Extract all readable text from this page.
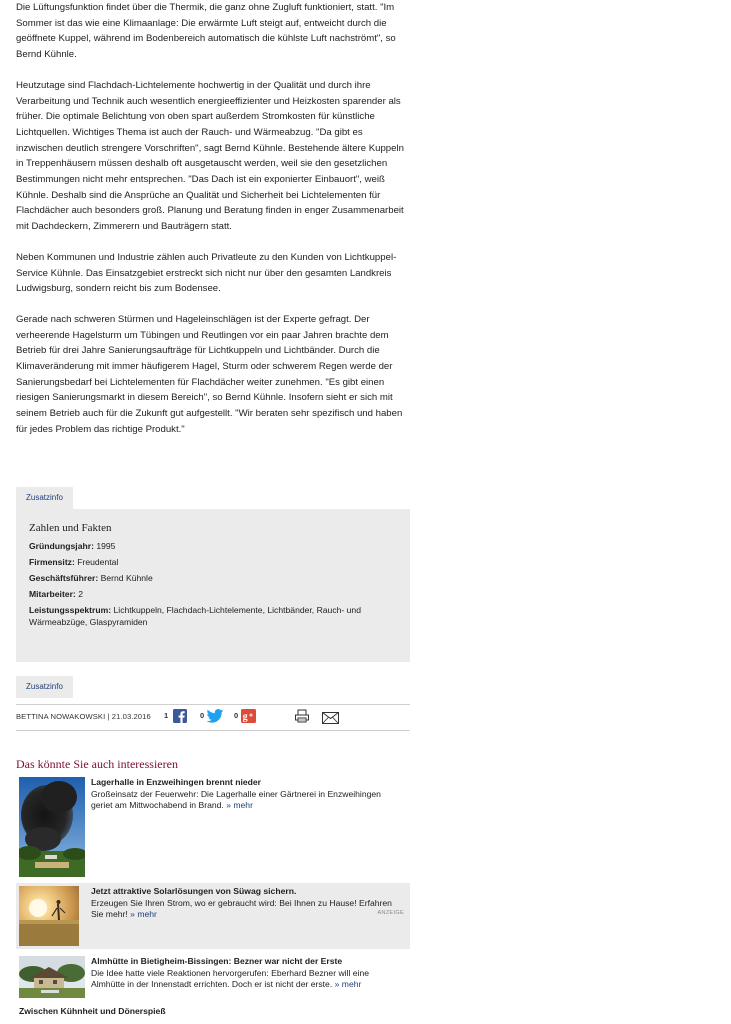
Die Lüftungsfunktion findet über die Thermik, die ganz ohne Zugluft funktioniert, statt. "Im Sommer ist das wie eine Klimaanlage: Die erwärmte Luft steigt auf, entweicht durch die geöffnete Kuppel, während im Bodenbereich automatisch die kühlste Luft nachströmt", so Bernd Kühnle.

Heutzutage sind Flachdach-Lichtelemente hochwertig in der Qualität und durch ihre Verarbeitung und Technik auch wesentlich energieeffizienter und Heizkosten sparender als früher. Die optimale Belichtung von oben spart außerdem Stromkosten für künstliche Lichtquellen. Wichtiges Thema ist auch der Rauch- und Wärmeabzug. "Da gibt es inzwischen deutlich strengere Vorschriften", sagt Bernd Kühnle. Bestehende ältere Kuppeln in Treppenhäusern müssen deshalb oft ausgetauscht werden, weil sie den gesetzlichen Bestimmungen nicht mehr entsprechen. "Das Dach ist ein exponierter Einbauort", weiß Kühnle. Deshalb sind die Ansprüche an Qualität und Sicherheit bei Lichtelementen für Flachdächer auch besonders groß. Planung und Beratung finden in enger Zusammenarbeit mit Dachdeckern, Zimmerern und Bauträgern statt.

Neben Kommunen und Industrie zählen auch Privatleute zu den Kunden von Lichtkuppel-Service Kühnle. Das Einsatzgebiet erstreckt sich nicht nur über den gesamten Landkreis Ludwigsburg, sondern reicht bis zum Bodensee.

Gerade nach schweren Stürmen und Hageleinschlägen ist der Experte gefragt. Der verheerende Hagelsturm um Tübingen und Reutlingen vor ein paar Jahren brachte dem Betrieb für drei Jahre Sanierungsaufträge für Lichtkuppeln und Lichtbänder. Durch die Klimaveränderung mit immer häufigerem Hagel, Sturm oder schwerem Regen werde der Sanierungsbedarf bei Lichtelementen für Flachdächer weiter zunehmen. "Es gibt einen riesigen Sanierungsmarkt in diesem Bereich", so Bernd Kühnle. Insofern sieht er sich mit seinem Betrieb auch für die Zukunft gut aufgestellt. "Wir beraten sehr spezifisch und haben für jedes Problem das richtige Produkt."

Zusatzinfo
Zahlen und Fakten
Gründungsjahr: 1995
Firmensitz: Freudental
Geschäftsführer: Bernd Kühnle
Mitarbeiter: 2
Leistungsspektrum: Lichtkuppeln, Flachdach-Lichtelemente, Lichtbänder, Rauch- und Wärmeabzüge, Glaspyramiden
Zusatzinfo
BETTINA NOWAKOWSKI | 21.03.2016 1	0	0 g +
Das könnte Sie auch interessieren
Lagerhalle in Enzweihingen brennt nieder
Großeinsatz der Feuerwehr: Die Lagerhalle einer Gärtnerei in Enzweihingen geriet am Mittwochabend in Brand. » mehr
Jetzt attraktive Solarlösungen von Süwag sichern.
Erzeugen Sie Ihren Strom, wo er gebraucht wird: Bei Ihnen zu Hause! Erfahren Sie mehr! » mehr	ANZEIGE
Almhütte in Bietigheim-Bissingen: Bezner war nicht der Erste
Die Idee hatte viele Reaktionen hervorgerufen: Eberhard Bezner will eine Almhütte in der Innenstadt errichten. Doch er ist nicht der erste. » mehr
Zwischen Kühnheit und Dönerspieß
